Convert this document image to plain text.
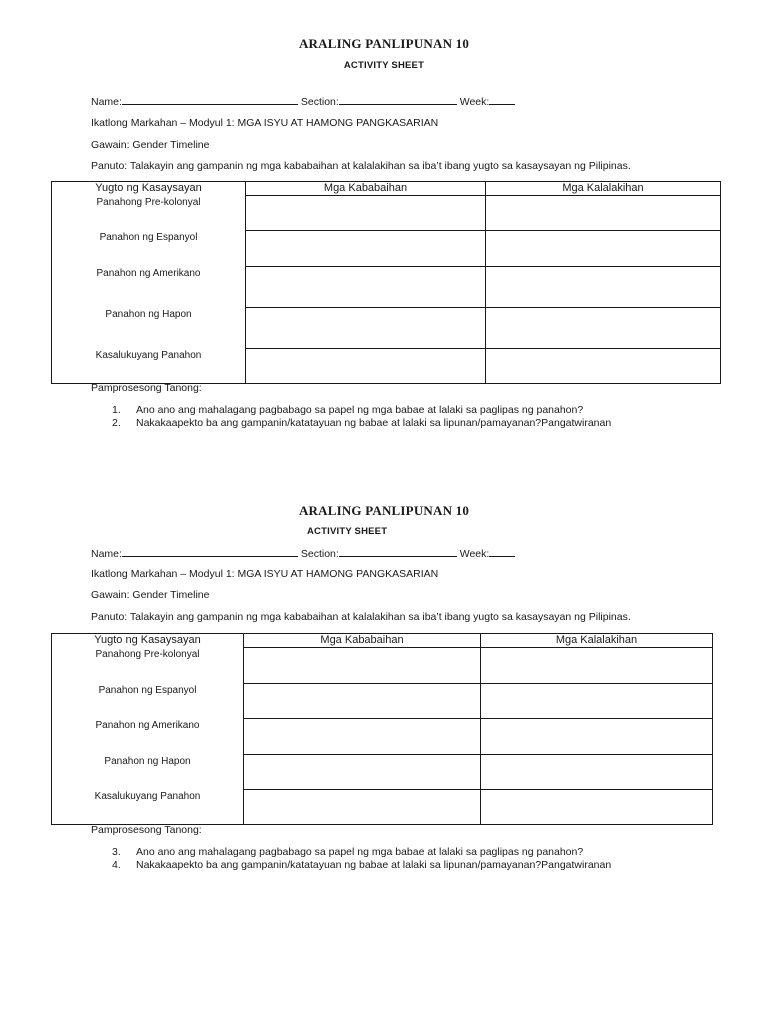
ARALING PANLIPUNAN 10
ACTIVITY SHEET
Name:	Section:	Week:
Ikatlong Markahan – Modyul 1: MGA ISYU AT HAMONG PANGKASARIAN
Gawain: Gender Timeline
Panuto: Talakayin ang gampanin ng mga kababaihan at kalalakihan sa iba’t ibang yugto sa kasaysayan ng Pilipinas.
Yugto ng Kasaysayan	Mga Kababaihan	Mga Kalalakihan
Panahong Pre-kolonyal		
Panahon ng Espanyol		
Panahon ng Amerikano		
Panahon ng Hapon		
Kasalukuyang Panahon		
Pamprosesong Tanong:
1. Ano ano ang mahalagang pagbabago sa papel ng mga babae at lalaki sa paglipas ng panahon?
2. Nakakaapekto ba ang gampanin/katatayuan ng babae at lalaki sa lipunan/pamayanan?Pangatwiranan
ARALING PANLIPUNAN 10
ACTIVITY SHEET
Name:	Section:	Week:
Ikatlong Markahan – Modyul 1: MGA ISYU AT HAMONG PANGKASARIAN
Gawain: Gender Timeline
Panuto: Talakayin ang gampanin ng mga kababaihan at kalalakihan sa iba’t ibang yugto sa kasaysayan ng Pilipinas.
Yugto ng Kasaysayan	Mga Kababaihan	Mga Kalalakihan
Panahong Pre-kolonyal		
Panahon ng Espanyol		
Panahon ng Amerikano		
Panahon ng Hapon		
Kasalukuyang Panahon		
Pamprosesong Tanong:
3. Ano ano ang mahalagang pagbabago sa papel ng mga babae at lalaki sa paglipas ng panahon?
4. Nakakaapekto ba ang gampanin/katatayuan ng babae at lalaki sa lipunan/pamayanan?Pangatwiranan
